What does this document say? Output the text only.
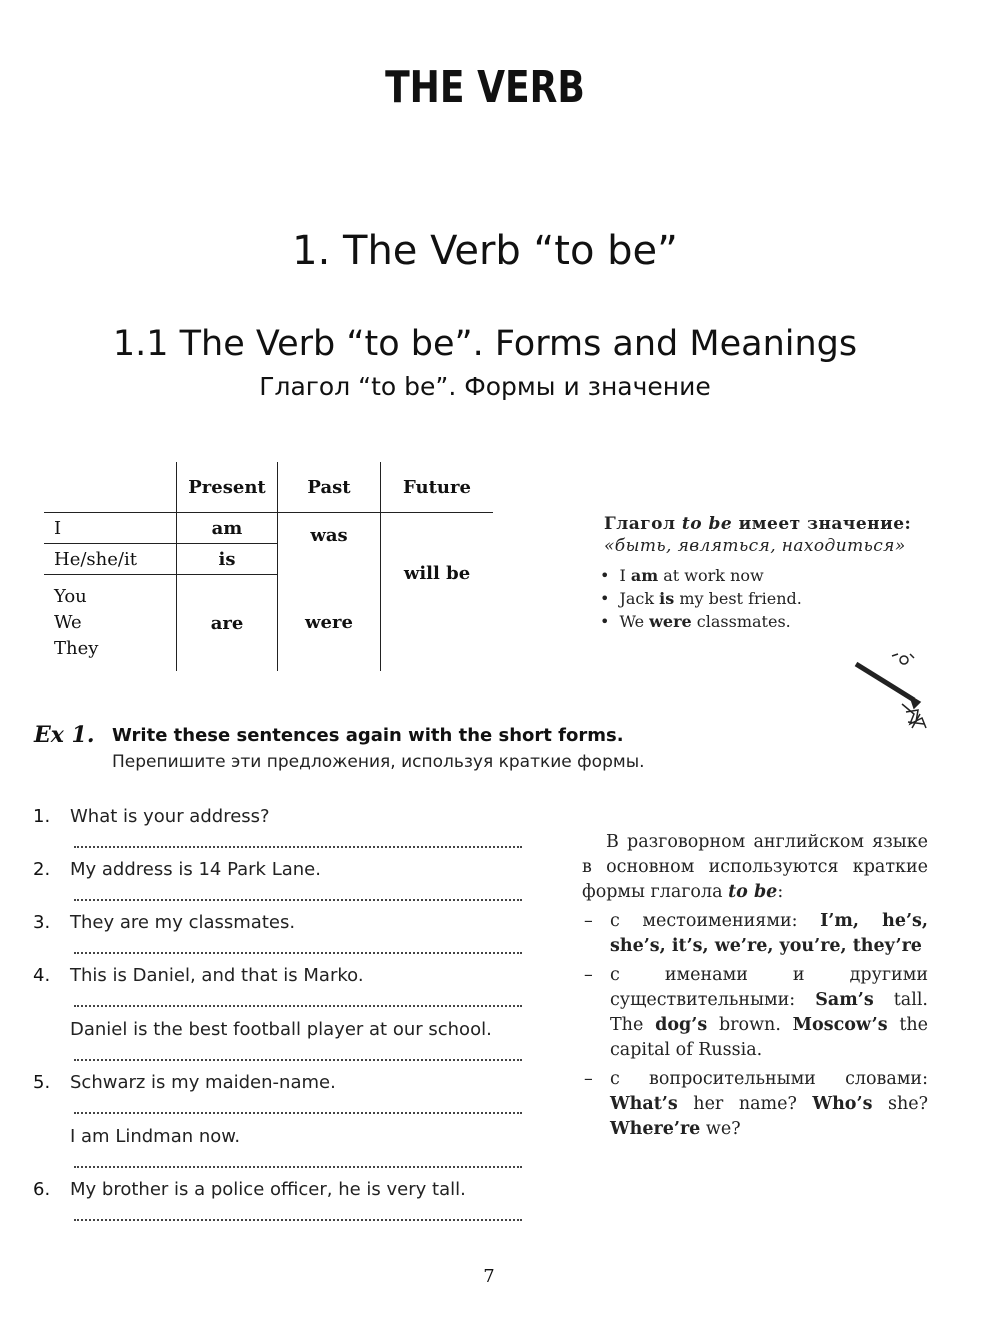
THE VERB
1. The Verb “to be”
1.1 The Verb “to be”. Forms and Meanings
Глагол “to be”. Формы и значение
	Present	Past	Future
I	am	was	will be
He/she/it	is		

You
We
They	are	were	
Глагол to be имеет значение:
«быть, являться, находиться»
• I am at work now
• Jack is my best friend.
• We were classmates.
Ex 1. Write these sentences again with the short forms.
Перепишите эти предложения, используя краткие формы.
1. What is your address?
2. My address is 14 Park Lane.
3. They are my classmates.
4. This is Daniel, and that is Marko.
Daniel is the best football player at our school.
5. Schwarz is my maiden-name.
I am Lindman now.
6. My brother is a police officer, he is very tall.
В разговорном английском языке в основном используются краткие формы глагола to be:
– с местоимениями: I’m, he’s, she’s, it’s, we’re, you’re, they’re
– с именами и другими существительными: Sam’s tall. The dog’s brown. Moscow’s the capital of Russia.
– с вопросительными словами: What’s her name? Who’s she? Where’re we?
7
